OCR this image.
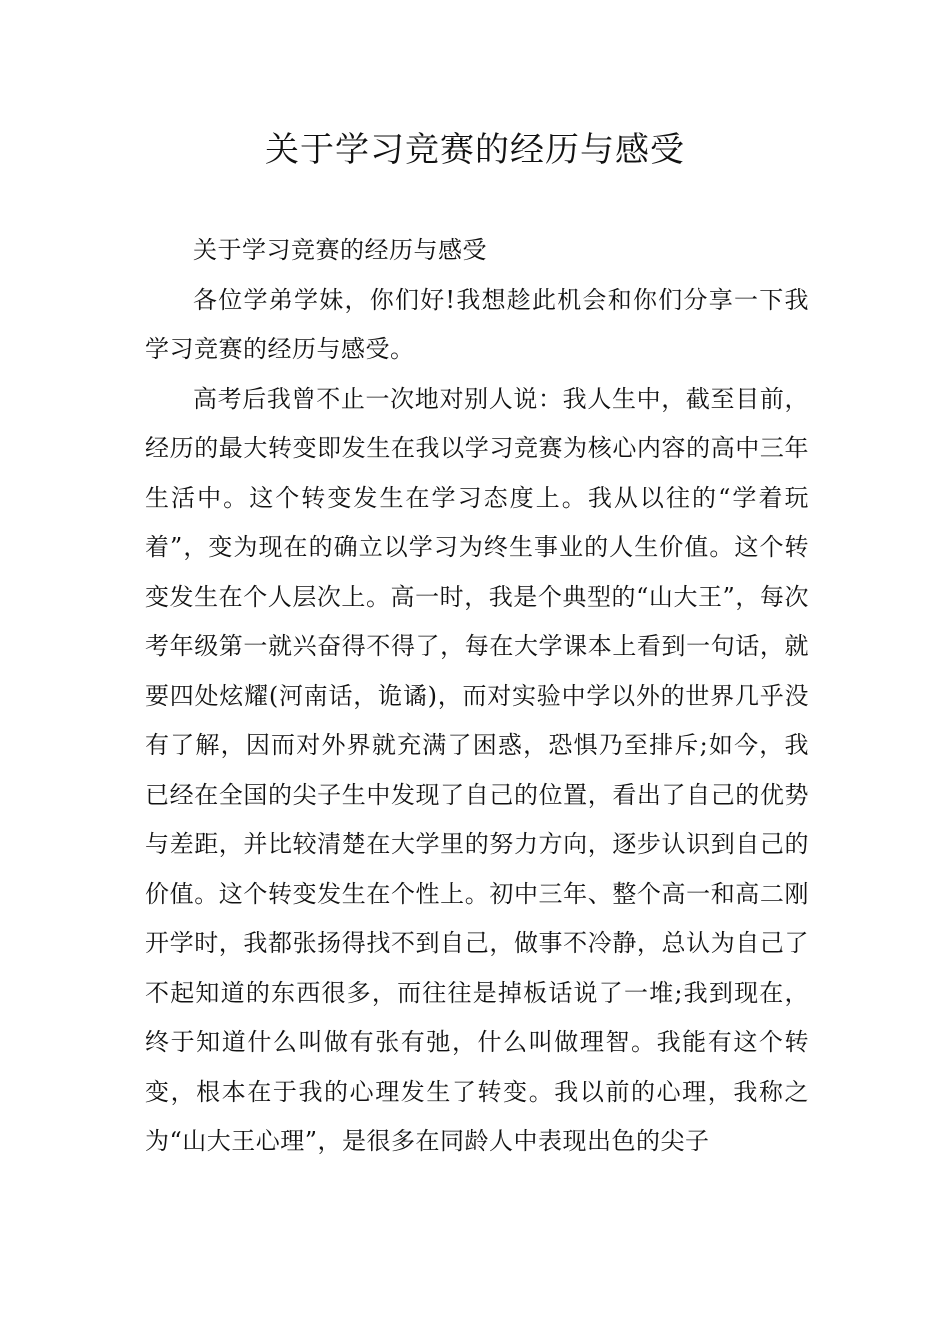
关于学习竞赛的经历与感受

关于学习竞赛的经历与感受

各位学弟学妹，你们好!我想趁此机会和你们分享一下我学习竞赛的经历与感受。

高考后我曾不止一次地对别人说：我人生中，截至目前，经历的最大转变即发生在我以学习竞赛为核心内容的高中三年生活中。这个转变发生在学习态度上。我从以往的“学着玩着”，变为现在的确立以学习为终生事业的人生价值。这个转变发生在个人层次上。高一时，我是个典型的“山大王”，每次考年级第一就兴奋得不得了，每在大学课本上看到一句话，就要四处炫耀(河南话，诡谲)，而对实验中学以外的世界几乎没有了解，因而对外界就充满了困惑，恐惧乃至排斥;如今，我已经在全国的尖子生中发现了自己的位置，看出了自己的优势与差距，并比较清楚在大学里的努力方向，逐步认识到自己的价值。这个转变发生在个性上。初中三年、整个高一和高二刚开学时，我都张扬得找不到自己，做事不冷静，总认为自己了不起知道的东西很多，而往往是掉板话说了一堆;我到现在，终于知道什么叫做有张有弛，什么叫做理智。我能有这个转变，根本在于我的心理发生了转变。我以前的心理，我称之为“山大王心理”，是很多在同龄人中表现出色的尖子
